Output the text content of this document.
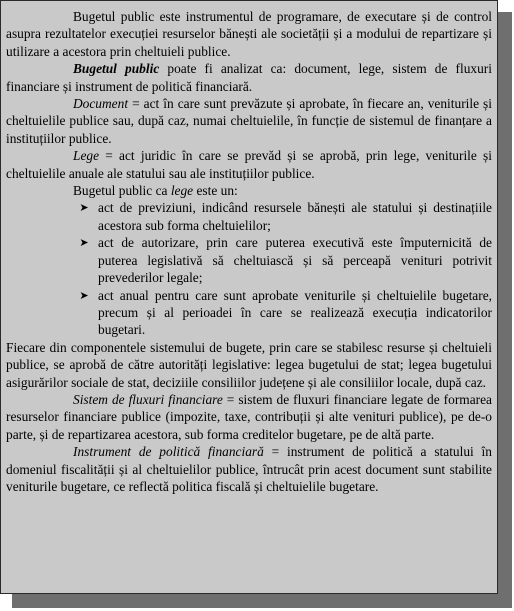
Bugetul public este instrumentul de programare, de executare și de control asupra rezultatelor execuției resurselor bănești ale societății și a modului de repartizare și utilizare a acestora prin cheltuieli publice.

Bugetul public poate fi analizat ca: document, lege, sistem de fluxuri financiare și instrument de politică financiară.

Document = act în care sunt prevăzute și aprobate, în fiecare an, veniturile și cheltuielile publice sau, după caz, numai cheltuielile, în funcție de sistemul de finanțare a instituțiilor publice.

Lege = act juridic în care se prevăd și se aprobă, prin lege, veniturile și cheltuielile anuale ale statului sau ale instituțiilor publice.

Bugetul public ca lege este un:

➤ act de previziuni, indicând resursele bănești ale statului și destinațiile acestora sub forma cheltuielilor;
➤ act de autorizare, prin care puterea executivă este împuternicită de puterea legislativă să cheltuiască și să perceapă venituri potrivit prevederilor legale;
➤ act anual pentru care sunt aprobate veniturile și cheltuielile bugetare, precum și al perioadei în care se realizează execuția indicatorilor bugetari.

Fiecare din componentele sistemului de bugete, prin care se stabilesc resurse și cheltuieli publice, se aprobă de către autorități legislative: legea bugetului de stat; legea bugetului asigurărilor sociale de stat, deciziile consiliilor județene și ale consiliilor locale, după caz.

Sistem de fluxuri financiare = sistem de fluxuri financiare legate de formarea resurselor financiare publice (impozite, taxe, contribuții și alte venituri publice), pe de-o parte, și de repartizarea acestora, sub forma creditelor bugetare, pe de altă parte.

Instrument de politică financiară = instrument de politică a statului în domeniul fiscalității și al cheltuielilor publice, întrucât prin acest document sunt stabilite veniturile bugetare, ce reflectă politica fiscală și cheltuielile bugetare.
